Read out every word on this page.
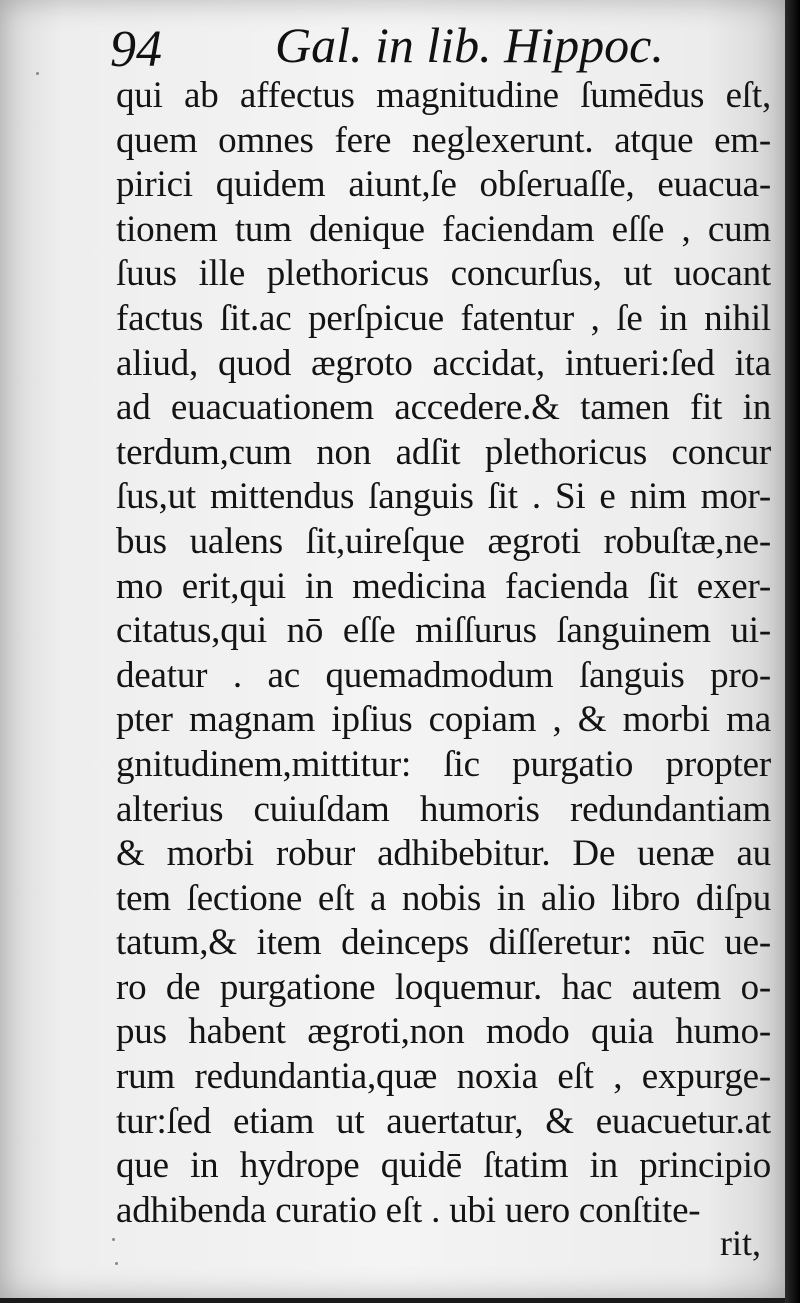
94 Gal. in lib. Hippoc.
qui ab affectus magnitudine ſumēdus eſt,
quem omnes fere neglexerunt. atque em-
pirici quidem aiunt,ſe obſeruaſſe, euacua-
tionem tum denique faciendam eſſe , cum
ſuus ille plethoricus concurſus, ut uocant
factus ſit.ac perſpicue fatentur , ſe in nihil
aliud, quod ægroto accidat, intueri:ſed ita
ad euacuationem accedere.& tamen fit in
terdum,cum non adſit plethoricus concur
ſus,ut mittendus ſanguis ſit . Si e nim mor-
bus ualens ſit,uireſque ægroti robuſtæ,ne-
mo erit,qui in medicina facienda ſit exer-
citatus,qui nō eſſe miſſurus ſanguinem ui-
deatur . ac quemadmodum ſanguis pro-
pter magnam ipſius copiam , & morbi ma
gnitudinem,mittitur: ſic purgatio propter
alterius cuiuſdam humoris redundantiam
& morbi robur adhibebitur. De uenæ au
tem ſectione eſt a nobis in alio libro diſpu
tatum,& item deinceps diſſeretur: nūc ue-
ro de purgatione loquemur. hac autem o-
pus habent ægroti,non modo quia humo-
rum redundantia,quæ noxia eſt , expurge-
tur:ſed etiam ut auertatur, & euacuetur.at
que in hydrope quidē ſtatim in principio
adhibenda curatio eſt . ubi uero conſtite-
rit,
